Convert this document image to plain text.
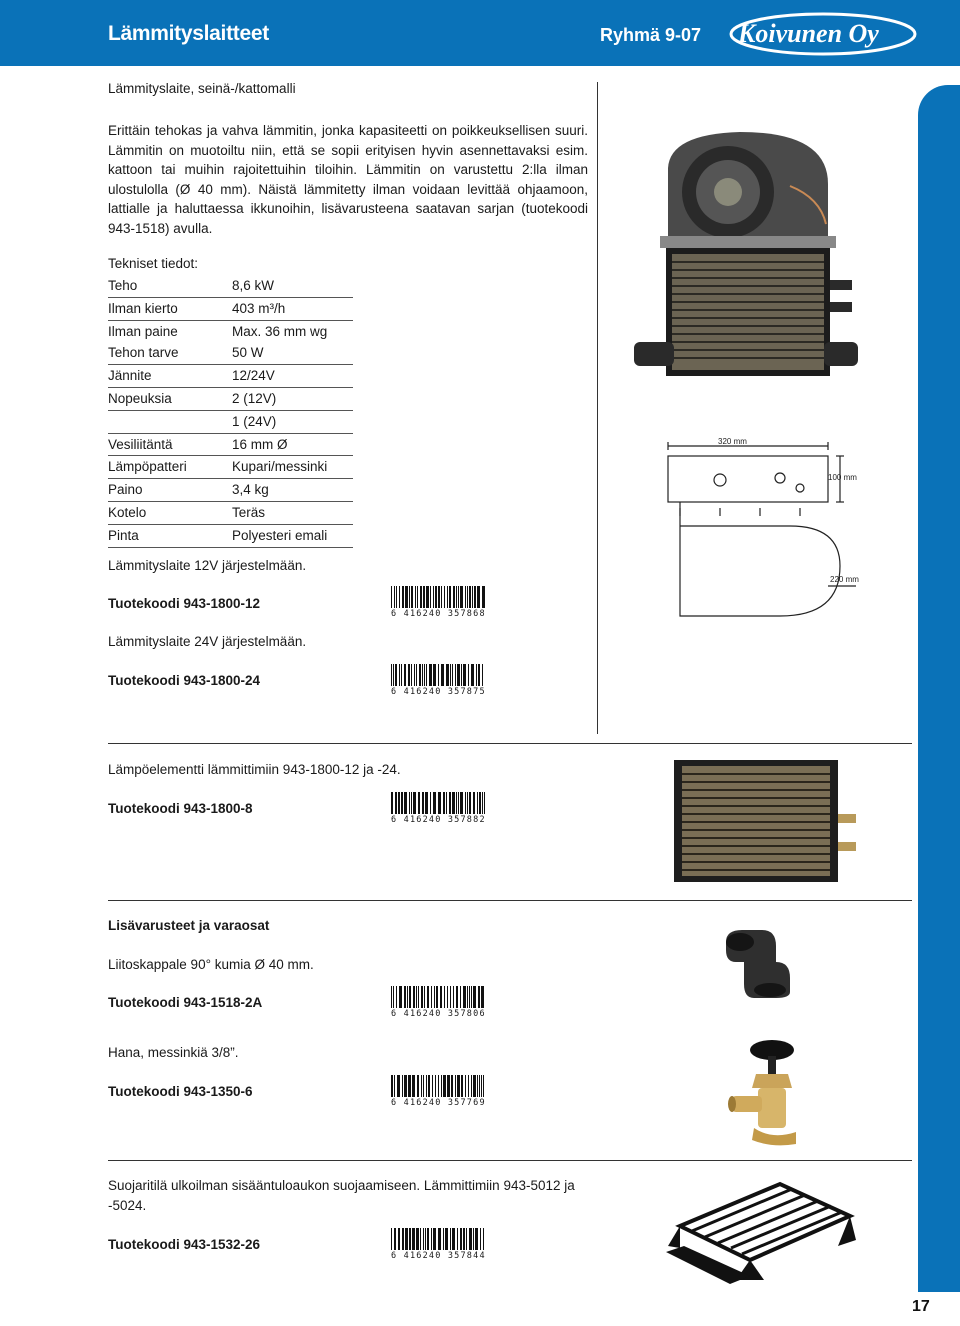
Lämmityslaitteet	Ryhmä 9-07 Koivunen Oy
17
Lämmityslaite, seinä-/kattomalli
Erittäin tehokas ja vahva lämmitin, jonka kapasiteetti on poikkeuksellisen suuri. Lämmitin on muotoiltu niin, että se sopii erityisen hyvin asennettavaksi esim. kattoon tai muihin rajoitettuihin tiloihin. Lämmitin on varustettu 2:lla ilman ulostulolla (Ø 40 mm). Näistä lämmitetty ilman voidaan levittää ohjaamoon, lattialle ja haluttaessa ikkunoihin, lisävarusteena saatavan sarjan (tuotekoodi 943-1518) avulla.
Tekniset tiedot:
Teho	8,6 kW
Ilman kierto	403 m³/h
Ilman paine	Max. 36 mm wg
Tehon tarve	50 W
Jännite	12/24V
Nopeuksia	2 (12V)
1 (24V)
Vesiliitäntä	16 mm Ø
Lämpöpatteri	Kupari/messinki
Paino	3,4 kg
Kotelo	Teräs
Pinta	Polyesteri emali
Lämmityslaite 12V järjestelmään.
Tuotekoodi 943-1800-12
6 416240 357868
Lämmityslaite 24V järjestelmään.
Tuotekoodi 943-1800-24
6 416240 357875
320 mm
100 mm
220 mm
Lämpöelementti lämmittimiin 943-1800-12 ja -24.
Tuotekoodi 943-1800-8
6 416240 357882
Lisävarusteet ja varaosat
Liitoskappale 90° kumia Ø 40 mm.
Tuotekoodi 943-1518-2A
6 416240 357806
Hana, messinkiä 3/8”.
Tuotekoodi 943-1350-6
6 416240 357769
Suojaritilä ulkoilman sisääntuloaukon suojaamiseen. Lämmittimiin 943-5012 ja -5024.
Tuotekoodi 943-1532-26
6 416240 357844
